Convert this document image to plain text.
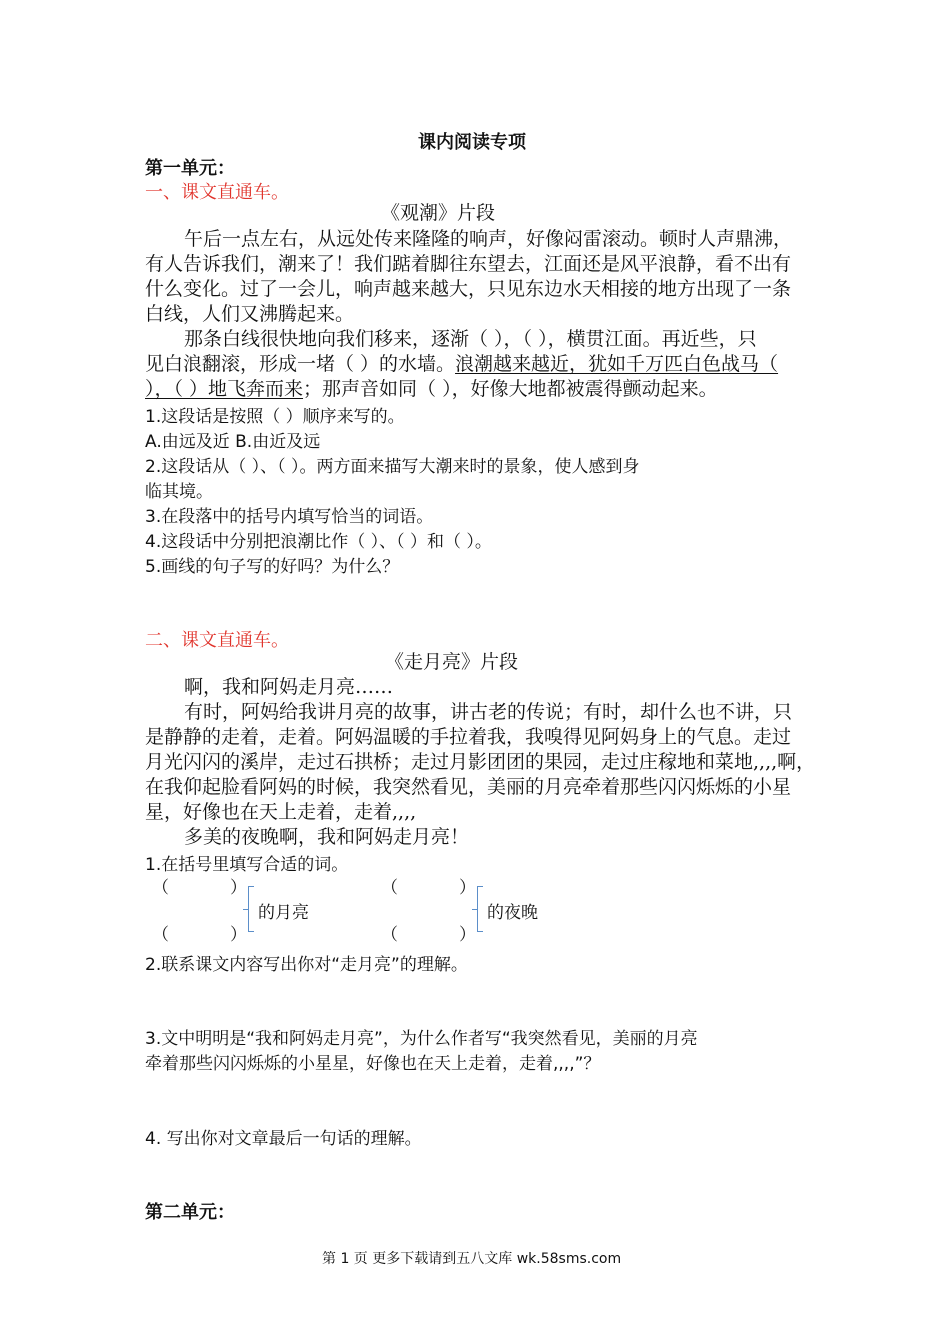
课内阅读专项
第一单元：
一、课文直通车。
《观潮》片段
午后一点左右，从远处传来隆隆的响声，好像闷雷滚动。顿时人声鼎沸，
有人告诉我们，潮来了！我们踮着脚往东望去，江面还是风平浪静，看不出有
什么变化。过了一会儿，响声越来越大，只见东边水天相接的地方出现了一条
白线，人们又沸腾起来。
那条白线很快地向我们移来，逐渐（ ），（ ），横贯江面。再近些，只
见白浪翻滚，形成一堵（ ）的水墙。浪潮越来越近，犹如千万匹白色战马（
），（ ）地飞奔而来；那声音如同（ ），好像大地都被震得颤动起来。
1.这段话是按照（ ）顺序来写的。
A.由远及近 B.由近及远
2.这段话从（ ）、（ ）。两方面来描写大潮来时的景象，使人感到身
临其境。
3.在段落中的括号内填写恰当的词语。
4.这段话中分别把浪潮比作（ ）、（ ）和（ ）。
5.画线的句子写的好吗？为什么？
二、课文直通车。
《走月亮》片段
啊，我和阿妈走月亮……
有时，阿妈给我讲月亮的故事，讲古老的传说；有时，却什么也不讲，只
是静静的走着，走着。阿妈温暖的手拉着我，我嗅得见阿妈身上的气息。走过
月光闪闪的溪岸，走过石拱桥；走过月影团团的果园，走过庄稼地和菜地,,,,啊，
在我仰起脸看阿妈的时候，我突然看见，美丽的月亮牵着那些闪闪烁烁的小星
星，好像也在天上走着，走着,,,,
多美的夜晚啊，我和阿妈走月亮！
1.在括号里填写合适的词。
（	）
（	）
的月亮
（	）
（	）
的夜晚
2.联系课文内容写出你对“走月亮”的理解。
3.文中明明是“我和阿妈走月亮”，为什么作者写“我突然看见，美丽的月亮
牵着那些闪闪烁烁的小星星，好像也在天上走着，走着,,,,”？
4. 写出你对文章最后一句话的理解。
第二单元：
第 1 页 更多下载请到五八文库 wk.58sms.com
